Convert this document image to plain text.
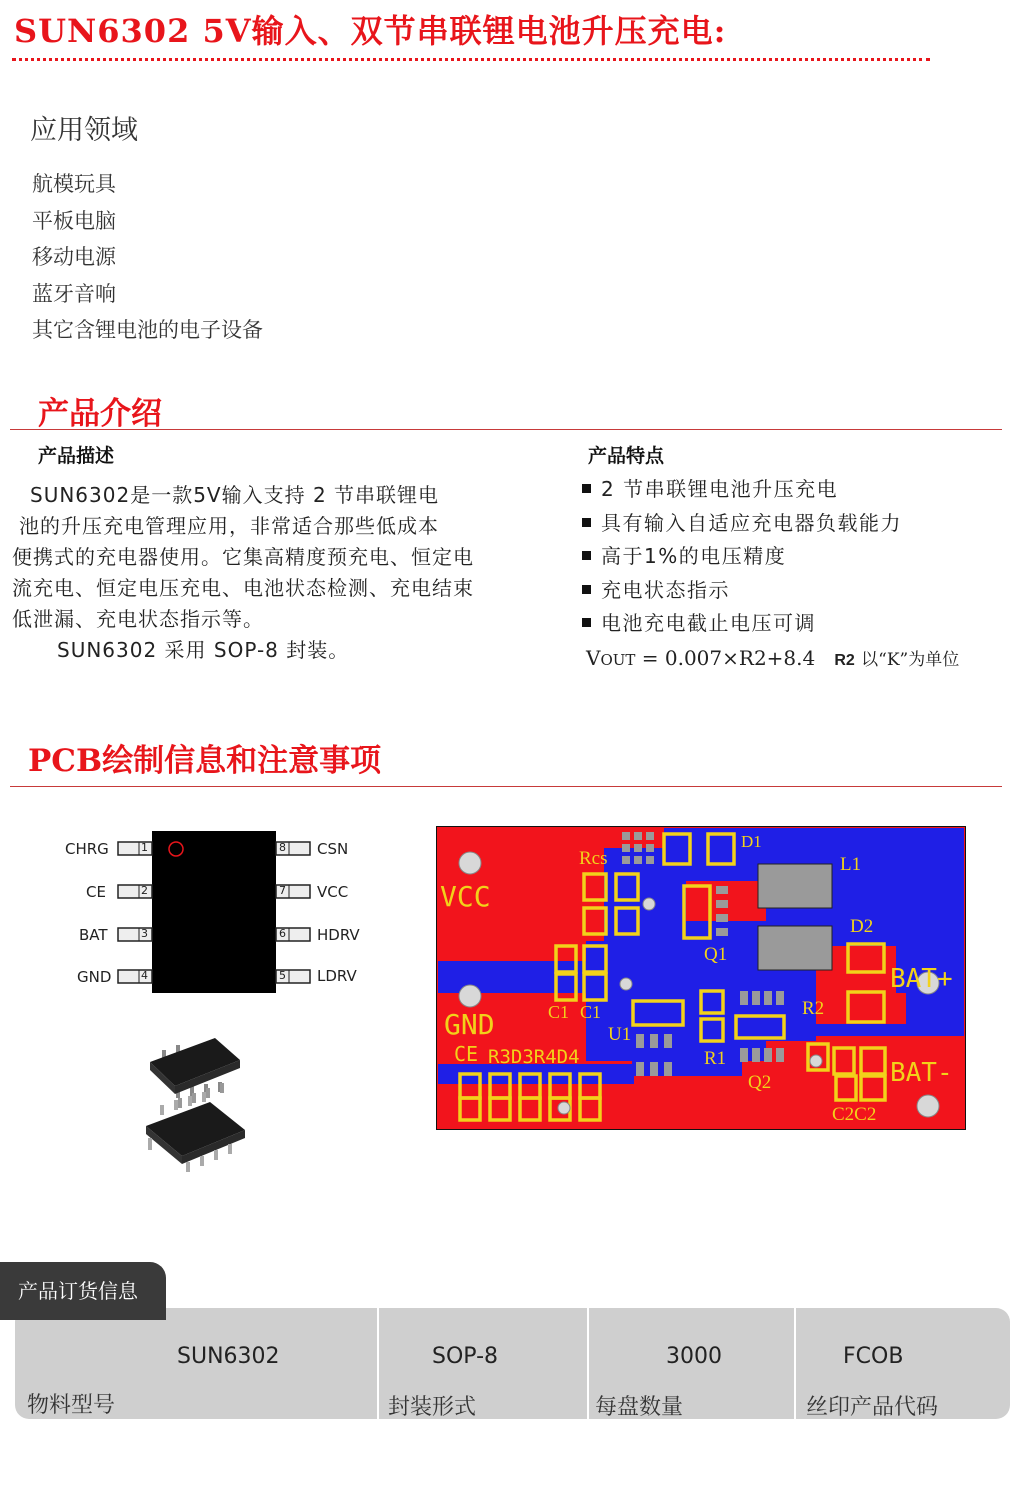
SUN6302 5V输入、双节串联锂电池升压充电:
应用领域
航模玩具
平板电脑
移动电源
蓝牙音响
其它含锂电池的电子设备
产品介绍
产品描述

SUN6302是一款5V输入支持 2 节串联锂电

池的升压充电管理应用，非常适合那些低成本

便携式的充电器使用。它集高精度预充电、恒定电

流充电、恒定电压充电、电池状态检测、充电结束

低泄漏、充电状态指示等。

SUN6302 采用 SOP-8 封装。

产品特点
2 节串联锂电池升压充电
具有输入自适应充电器负载能力
高于1%的电压精度
充电状态指示
电池充电截止电压可调
VOUT = 0.007×R2+8.4 R2 以“K”为单位
PCB绘制信息和注意事项
CHRG
CE
BAT
GND
1
2
3
4
8
7
6
5
CSN
VCC
HDRV
LDRV
VCC
GND
CE R3D3R4D4
BAT+
BAT-
Rcs
D1
L1
D2
Q1
C1 C1
U1
R1
R2
Q2
C2C2
SUN6302
物料型号
SOP-8
封装形式
3000
每盘数量
FCOB
丝印产品代码
产品订货信息
